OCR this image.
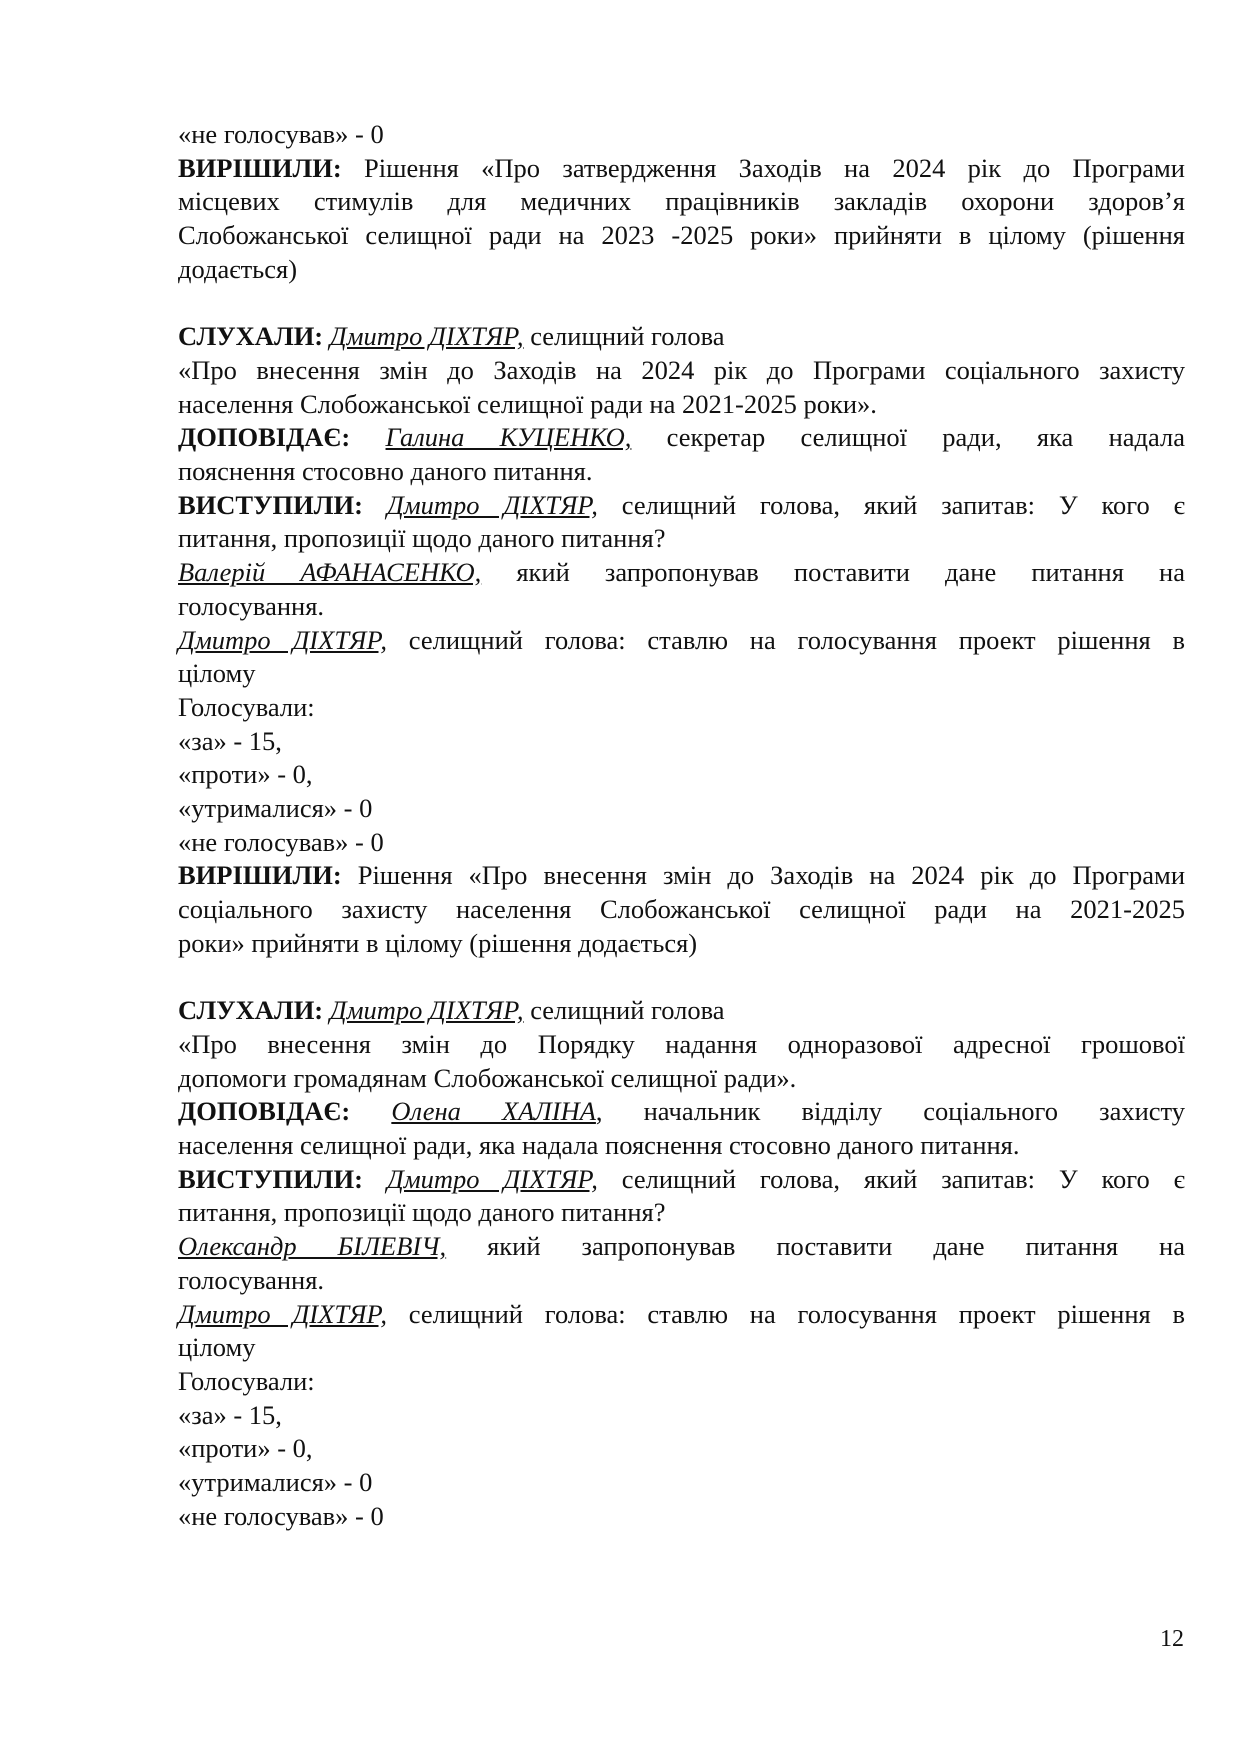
«не голосував» - 0
ВИРІШИЛИ: Рішення «Про затвердження Заходів на 2024 рік до Програми
місцевих стимулів для медичних працівників закладів охорони здоров’я
Слобожанської селищної ради на 2023 -2025 роки» прийняти в цілому (рішення
додається)
СЛУХАЛИ: Дмитро ДІХТЯР, селищний голова
«Про внесення змін до Заходів на 2024 рік до Програми соціального захисту
населення Слобожанської селищної ради на 2021-2025 роки».
ДОПОВІДАЄ: Галина КУЦЕНКО, секретар селищної ради, яка надала
пояснення стосовно даного питання.
ВИСТУПИЛИ: Дмитро ДІХТЯР, селищний голова, який запитав: У кого є
питання, пропозиції щодо даного питання?
Валерій АФАНАСЕНКО, який запропонував поставити дане питання на
голосування.
Дмитро ДІХТЯР, селищний голова: ставлю на голосування проект рішення в
цілому
Голосували:
«за» - 15,
«проти» - 0,
«утрималися» - 0
«не голосував» - 0
ВИРІШИЛИ: Рішення «Про внесення змін до Заходів на 2024 рік до Програми
соціального захисту населення Слобожанської селищної ради на 2021-2025
роки» прийняти в цілому (рішення додається)
СЛУХАЛИ: Дмитро ДІХТЯР, селищний голова
«Про внесення змін до Порядку надання одноразової адресної грошової
допомоги громадянам Слобожанської селищної ради».
ДОПОВІДАЄ: Олена ХАЛІНА, начальник відділу соціального захисту
населення селищної ради, яка надала пояснення стосовно даного питання.
ВИСТУПИЛИ: Дмитро ДІХТЯР, селищний голова, який запитав: У кого є
питання, пропозиції щодо даного питання?
Олександр БІЛЕВІЧ, який запропонував поставити дане питання на
голосування.
Дмитро ДІХТЯР, селищний голова: ставлю на голосування проект рішення в
цілому
Голосували:
«за» - 15,
«проти» - 0,
«утрималися» - 0
«не голосував» - 0
12
